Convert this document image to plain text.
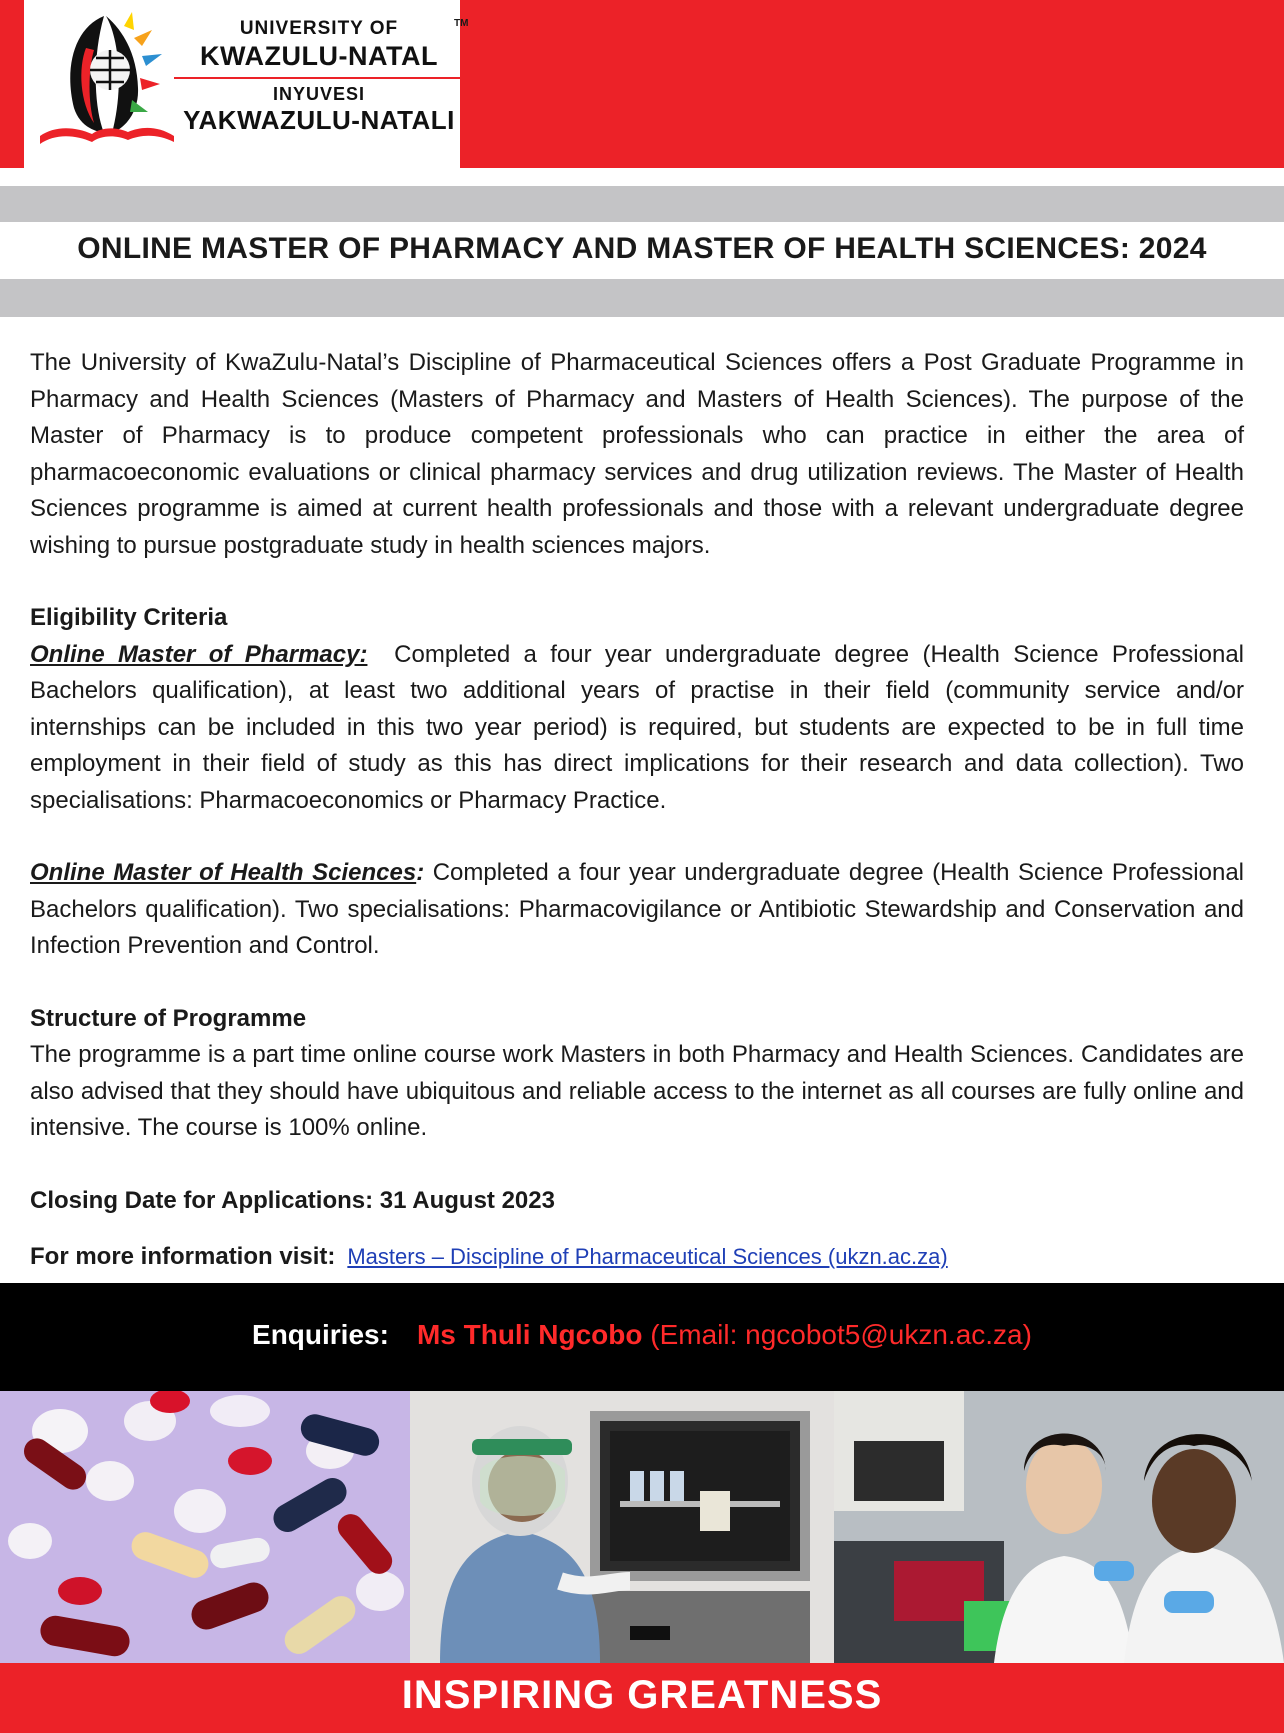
UNIVERSITY OF
KWAZULU-NATAL
INYUVESI
YAKWAZULU-NATALI
TM
ONLINE MASTER OF PHARMACY AND MASTER OF HEALTH SCIENCES: 2024

The University of KwaZulu-Natal’s Discipline of Pharmaceutical Sciences offers a Post Graduate Programme in Pharmacy and Health Sciences (Masters of Pharmacy and Masters of Health Sciences). The purpose of the Master of Pharmacy is to produce competent professionals who can practice in either the area of pharmacoeconomic evaluations or clinical pharmacy services and drug utilization reviews. The Master of Health Sciences programme is aimed at current health professionals and those with a relevant undergraduate degree wishing to pursue postgraduate study in health sciences majors.

Eligibility Criteria

Online Master of Pharmacy: Completed a four year undergraduate degree (Health Science Professional Bachelors qualification), at least two additional years of practise in their field (community service and/or internships can be included in this two year period) is required, but students are expected to be in full time employment in their field of study as this has direct implications for their research and data collection). Two specialisations: Pharmacoeconomics or Pharmacy Practice.

Online Master of Health Sciences: Completed a four year undergraduate degree (Health Science Professional Bachelors qualification). Two specialisations: Pharmacovigilance or Antibiotic Stewardship and Conservation and Infection Prevention and Control.

Structure of Programme

The programme is a part time online course work Masters in both Pharmacy and Health Sciences. Candidates are also advised that they should have ubiquitous and reliable access to the internet as all courses are fully online and intensive. The course is 100% online.

Closing Date for Applications: 31 August 2023
For more information visit: Masters – Discipline of Pharmaceutical Sciences (ukzn.ac.za)
Enquiries: Ms Thuli Ngcobo (Email: ngcobot5@ukzn.ac.za)
INSPIRING GREATNESS
